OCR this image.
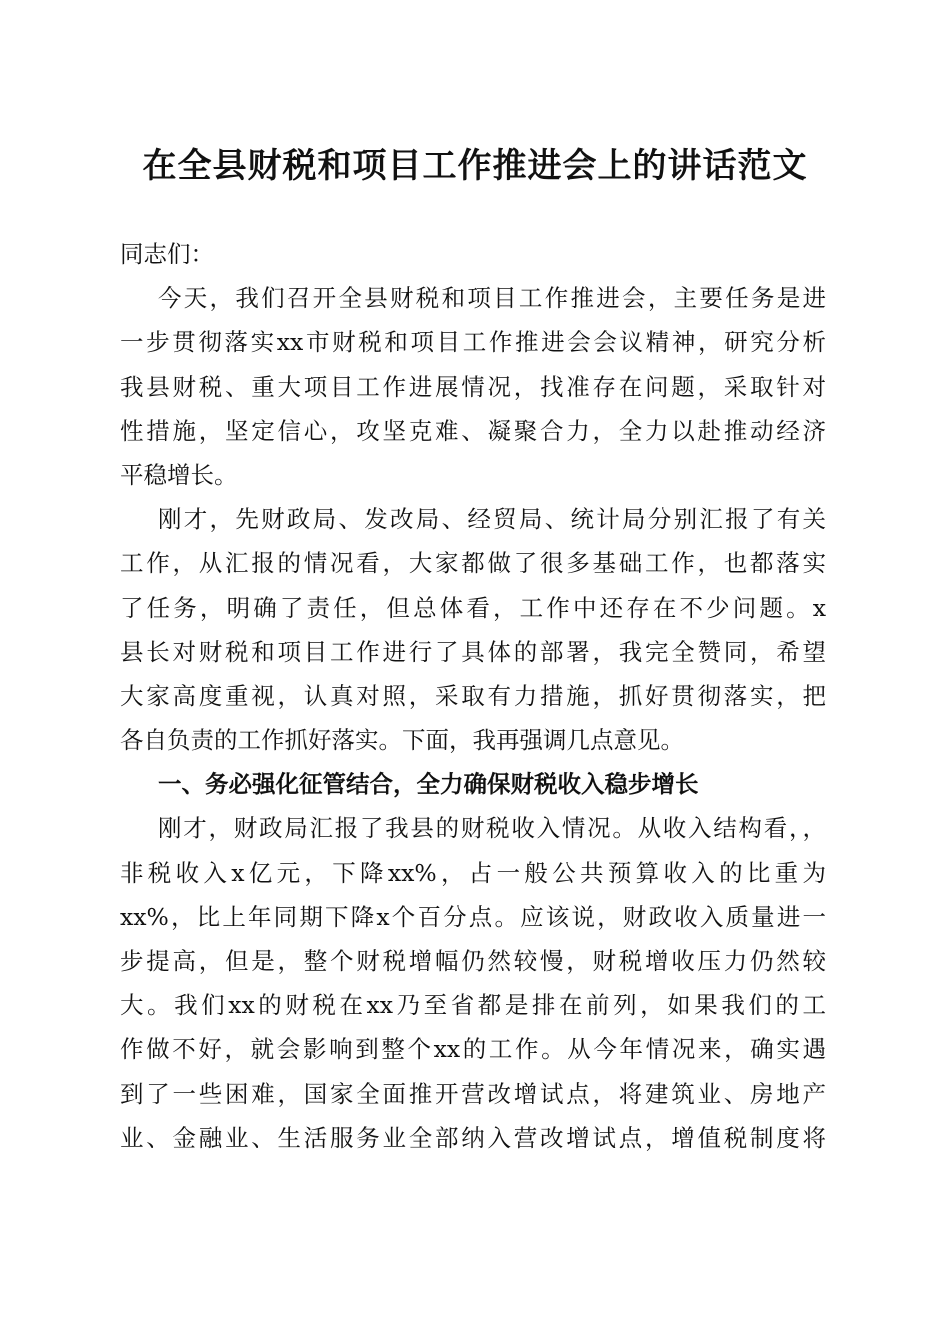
在全县财税和项目工作推进会上的讲话范文
同志们：
今天，我们召开全县财税和项目工作推进会，主要任务是进
一步贯彻落实xx市财税和项目工作推进会会议精神，研究分析
我县财税、重大项目工作进展情况，找准存在问题，采取针对
性措施，坚定信心，攻坚克难、凝聚合力，全力以赴推动经济
平稳增长。
刚才，先财政局、发改局、经贸局、统计局分别汇报了有关
工作，从汇报的情况看，大家都做了很多基础工作，也都落实
了任务，明确了责任，但总体看，工作中还存在不少问题。x
县长对财税和项目工作进行了具体的部署，我完全赞同，希望
大家高度重视，认真对照，采取有力措施，抓好贯彻落实，把
各自负责的工作抓好落实。下面，我再强调几点意见。
一、务必强化征管结合，全力确保财税收入稳步增长
刚才，财政局汇报了我县的财税收入情况。从收入结构看，，
非税收入x亿元，下降xx%，占一般公共预算收入的比重为
xx%，比上年同期下降x个百分点。应该说，财政收入质量进一
步提高，但是，整个财税增幅仍然较慢，财税增收压力仍然较
大。我们xx的财税在xx乃至省都是排在前列，如果我们的工
作做不好，就会影响到整个xx的工作。从今年情况来，确实遇
到了一些困难，国家全面推开营改增试点，将建筑业、房地产
业、金融业、生活服务业全部纳入营改增试点，增值税制度将
